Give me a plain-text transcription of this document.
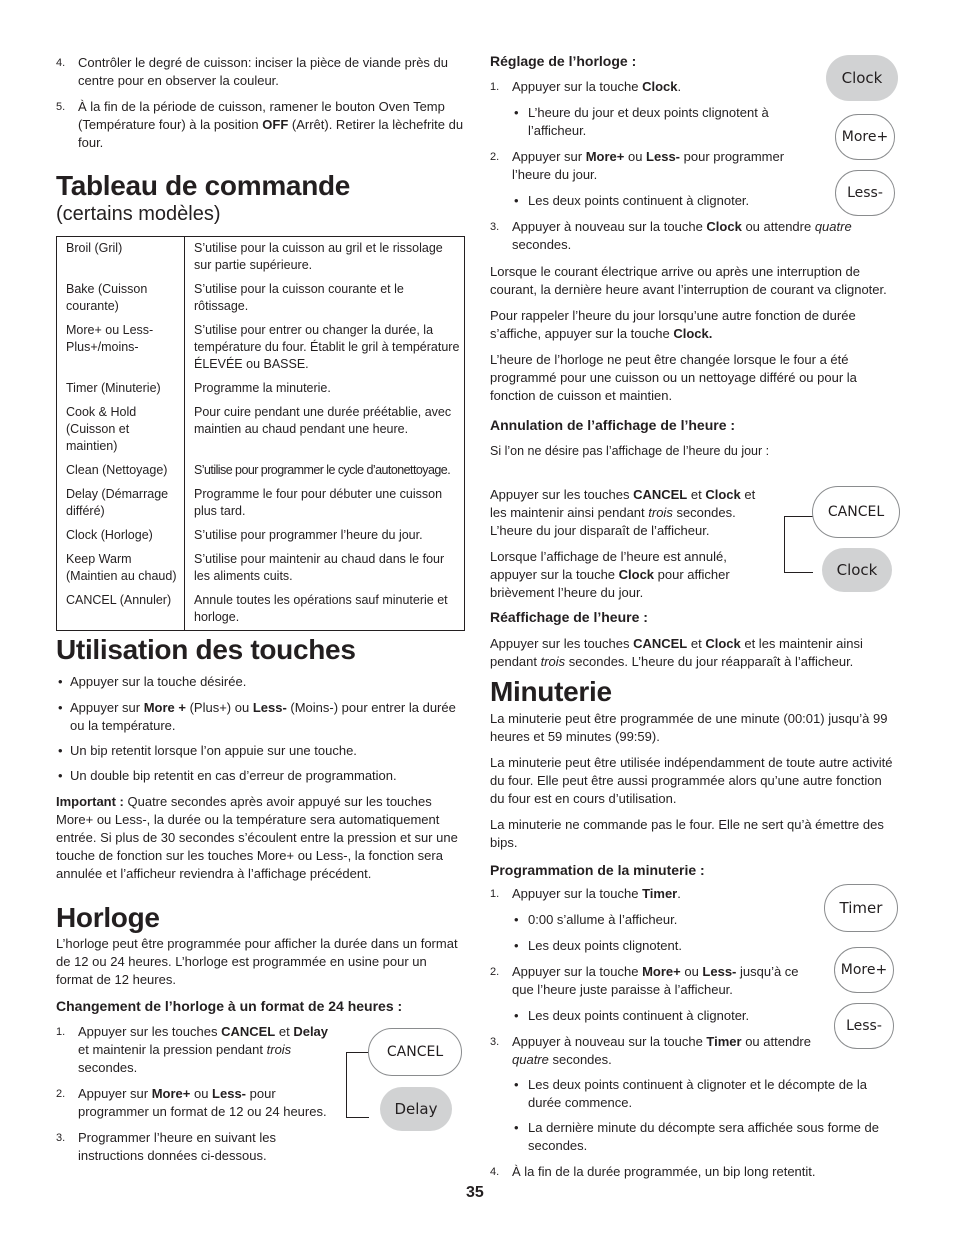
4. Contrôler le degré de cuisson: inciser la pièce de viande près du centre pour en observer la couleur.

5. À la fin de la période de cuisson, ramener le bouton Oven Temp (Température four) à la position OFF (Arrêt). Retirer la lèchefrite du four.

Tableau de commande
(certains modèles)
Broil (Gril)	S’utilise pour la cuisson au gril et le rissolage sur partie supérieure.
Bake (Cuisson courante)	S’utilise pour la cuisson courante et le rôtissage.
More+ ou Less- Plus+/moins-	S’utilise pour entrer ou changer la durée, la température du four. Établit le gril à température ÉLEVÉE ou BASSE.
Timer (Minuterie)	Programme la minuterie.
Cook & Hold (Cuisson et maintien)	Pour cuire pendant une durée préétablie, avec maintien au chaud pendant une heure.
Clean (Nettoyage)	S’utilise pour programmer le cycle d’autonettoyage.
Delay (Démarrage différé)	Programme le four pour débuter une cuisson plus tard.
Clock (Horloge)	S’utilise pour programmer l’heure du jour.
Keep Warm (Maintien au chaud)	S’utilise pour maintenir au chaud dans le four les aliments cuits.
CANCEL (Annuler)	Annule toutes les opérations sauf minuterie et horloge.
Utilisation des touches
• Appuyer sur la touche désirée.
• Appuyer sur More + (Plus+) ou Less- (Moins-) pour entrer la durée ou la température.
• Un bip retentit lorsque l’on appuie sur une touche.
• Un double bip retentit en cas d’erreur de programmation.

Important : Quatre secondes après avoir appuyé sur les touches More+ ou Less-, la durée ou la température sera automatiquement entrée. Si plus de 30 secondes s’écoulent entre la pression et sur une touche de fonction sur les touches More+ ou Less-, la fonction sera annulée et l’afficheur reviendra à l’affichage précédent.

Horloge

L’horloge peut être programmée pour afficher la durée dans un format de 12 ou 24 heures. L’horloge est programmée en usine pour un format de 12 heures.

Changement de l’horloge à un format de 24 heures :

1. Appuyer sur les touches CANCEL et Delay et maintenir la pression pendant trois secondes.

2. Appuyer sur More+ ou Less- pour programmer un format de 12 ou 24 heures.

3. Programmer l’heure en suivant les instructions données ci-dessous.

CANCEL
Delay

Réglage de l’horloge :

1. Appuyer sur la touche Clock.

• L’heure du jour et deux points clignotent à l’afficheur.
2. Appuyer sur More+ ou Less- pour programmer l’heure du jour.

• Les deux points continuent à clignoter.
3. Appuyer à nouveau sur la touche Clock ou attendre quatre secondes.

Lorsque le courant électrique arrive ou après une interruption de courant, la dernière heure avant l’interruption de courant va clignoter.

Pour rappeler l’heure du jour lorsqu’une autre fonction de durée s’affiche, appuyer sur la touche Clock.

L’heure de l’horloge ne peut être changée lorsque le four a été programmé pour une cuisson ou un nettoyage différé ou pour la fonction de cuisson et maintien.

Annulation de l’affichage de l’heure :

Si l’on ne désire pas l’affichage de l’heure du jour :

Appuyer sur les touches CANCEL et Clock et les maintenir ainsi pendant trois secondes. L’heure du jour disparaît de l’afficheur.

Lorsque l’affichage de l’heure est annulé, appuyer sur la touche Clock pour afficher brièvement l’heure du jour.

CANCEL
Clock

Réaffichage de l’heure :

Appuyer sur les touches CANCEL et Clock et les maintenir ainsi pendant trois secondes. L’heure du jour réapparaît à l’afficheur.

Minuterie

La minuterie peut être programmée de une minute (00:01) jusqu’à 99 heures et 59 minutes (99:59).

La minuterie peut être utilisée indépendamment de toute autre activité du four. Elle peut être aussi programmée alors qu’une autre fonction du four est en cours d’utilisation.

La minuterie ne commande pas le four. Elle ne sert qu’à émettre des bips.

Programmation de la minuterie :

1. Appuyer sur la touche Timer.

• 0:00 s’allume à l’afficheur.
• Les deux points clignotent.
2. Appuyer sur la touche More+ ou Less- jusqu’à ce que l’heure juste paraisse à l’afficheur.

• Les deux points continuent à clignoter.
3. Appuyer à nouveau sur la touche Timer ou attendre quatre secondes.

• Les deux points continuent à clignoter et le décompte de la durée commence.
• La dernière minute du décompte sera affichée sous forme de secondes.
4. À la fin de la durée programmée, un bip long retentit.

Clock
More+
Less-
Timer
More+
Less-
35
